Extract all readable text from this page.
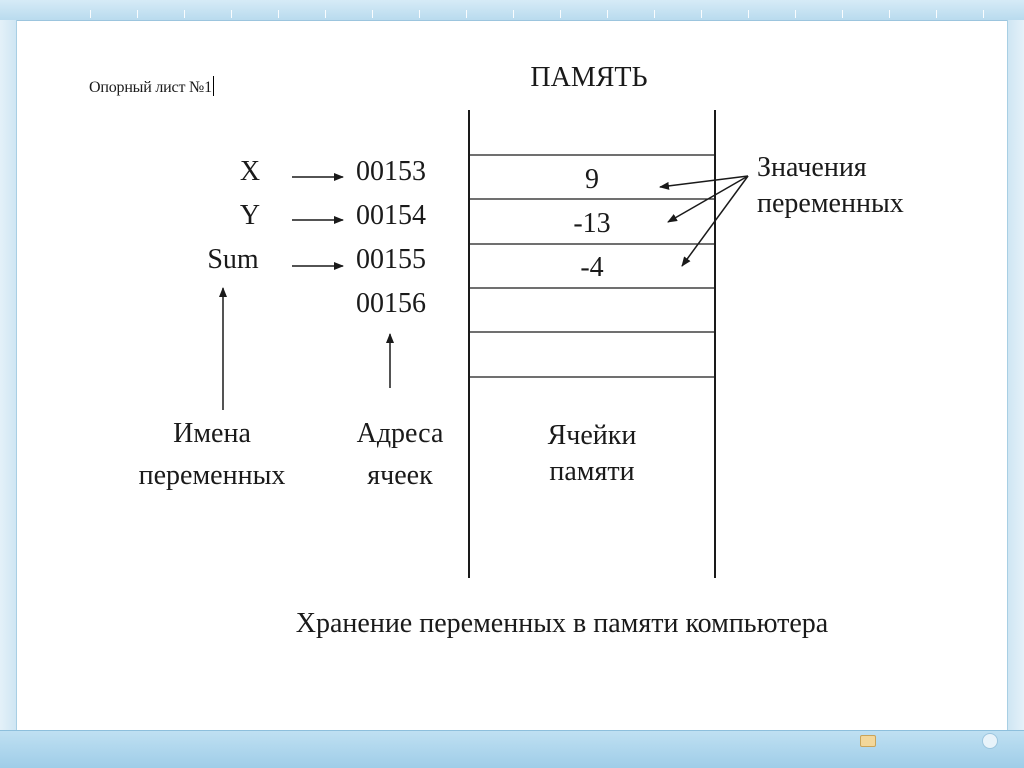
Опорный лист №1	ПАМЯТЬ
X
Y
Sum
00153
00154
00155
00156
9
-13
-4
Значения
переменных
Имена
переменных
Адреса
ячеек
Ячейки
памяти
Хранение переменных в памяти компьютера
